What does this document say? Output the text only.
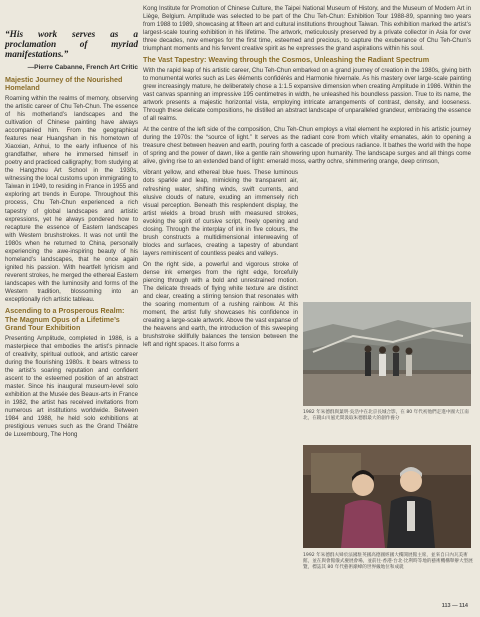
“His work serves as a proclamation of myriad manifestations.”

—Pierre Cabanne, French Art Critic

Majestic Journey of the Nourished Homeland

Roaming within the realms of memory, observing the artistic career of Chu Teh-Chun. The essence of his motherland’s landscapes and the cultivation of Chinese painting have always accompanied him. From the geographical features near Huangshan in his hometown of Xiaoxian, Anhui, to the early influence of his grandfather, where he immersed himself in poetry and practiced calligraphy; from studying at the Hangzhou Art School in the 1930s, witnessing the local customs upon immigrating to Taiwan in 1949, to residing in France in 1955 and exploring art trends in Europe. Throughout this process, Chu Teh-Chun experienced a rich tapestry of global landscapes and artistic expressions, yet he always pondered how to recapture the essence of Eastern landscapes with Western brushstrokes. It was not until the 1980s when he returned to China, personally experiencing the awe-inspiring beauty of his homeland’s landscapes, that he once again ignited his passion. With heartfelt lyricism and reverent strokes, he merged the ethereal Eastern landscapes with the luminosity and forms of the Western tradition, blossoming into an exceptionally rich artistic tableau.

Ascending to a Prosperous Realm: The Magnum Opus of a Lifetime’s Grand Tour Exhibition

Presenting Amplitude, completed in 1986, is a masterpiece that embodies the artist’s pinnacle of creativity, spiritual outlook, and artistic career during the flourishing 1980s. It bears witness to the artist’s soaring reputation and confident ascent to the esteemed position of an abstract master. Since his inaugural museum-level solo exhibition at the Musée des Beaux-arts in France in 1982, the artist has received invitations from numerous art institutions worldwide. Between 1984 and 1988, he held solo exhibitions at prestigious venues such as the Grand Théâtre de Luxembourg, The Hong

Kong Institute for Promotion of Chinese Culture, the Taipei National Museum of History, and the Museum of Modern Art in Liège, Belgium. Amplitude was selected to be part of the Chu Teh-Chun: Exhibition Tour 1988-89, spanning two years from 1988 to 1989, showcasing at fifteen art and cultural institutions throughout Taiwan. This exhibition marked the artist’s largest-scale touring exhibition in his lifetime. The artwork, meticulously preserved by a private collector in Asia for over three decades, now emerges for the first time, esteemed and precious, to capture the exuberance of Chu Teh-Chun’s triumphant moments and his fervent creative spirit as he expresses the grand aspirations within his soul.

The Vast Tapestry: Weaving through the Cosmos, Unleashing the Radiant Spectrum

With the rapid leap of his artistic career, Chu Teh-Chun embarked on a grand journey of creation in the 1980s, giving birth to monumental works such as Les éléments confidérés and Harmonie hivernale. As his mastery over large-scale painting grew increasingly mature, he deliberately chose a 1:1.5 expansive dimension when creating Amplitude in 1986. Within the vast canvas spanning an impressive 195 centimetres in width, he unleashed his boundless passion. True to its name, the artwork presents a majestic horizontal vista, employing intricate arrangements of contrast, density, and looseness. Through these delicate compositions, he distilled an abstract landscape of unparalleled grandeur, embracing the essence of all realms.

At the centre of the left side of the composition, Chu Teh-Chun employs a vital element he explored in his artistic journey during the 1970s: the “source of light.” It serves as the radiant core from which vitality emanates, akin to opening a treasure chest between heaven and earth, pouring forth a cascade of precious radiance. It bathes the world with the hope of spring and the power of dawn, like a gentle rain showering upon humanity. The landscape surges and all things come alive, giving rise to an extended band of light: emerald moss, earthy ochre, shimmering orange, deep crimson,

vibrant yellow, and ethereal blue hues. These luminous dots sparkle and leap, mimicking the transparent air, refreshing water, shifting winds, swift currents, and elusive clouds of nature, exuding an immensely rich visual perception. Beneath this resplendent display, the artist wields a broad brush with measured strokes, evoking the spirit of cursive script, freely opening and closing. Through the interplay of ink in five colours, the brush constructs a multidimensional interweaving of blocks and surfaces, creating a tapestry of abundant layers reminiscent of countless peaks and valleys.

On the right side, a powerful and vigorous stroke of dense ink emerges from the right edge, forcefully piercing through with a bold and unrestrained motion. The delicate threads of flying white texture are distinct and clear, creating a stirring tension that resonates with the soaring momentum of a rushing rainbow. At this moment, the artist fully showcases his confidence in creating a large-scale artwork. Above the vast expanse of the heavens and earth, the introduction of this sweeping brushstroke skillfully balances the tension between the left and right spaces. It also forms a

1982 年朱德群與葉明·吳浩中在北京長城合影，在 80 年代初他們走進中國大江南北，在鏡山川風光間汲取朱德群最大的創作養分
1992 年朱德群夫婦於法國駐英國高德國經國大樓開展館主席，並來自日內瓦美術館，並在與會館儀式慶展會場，並前往·香港·台北·比利時等地的藝術機構舉辦大型展覽，標誌其 80 年代藝術巔峰的世界級地位和成就
113 — 114
